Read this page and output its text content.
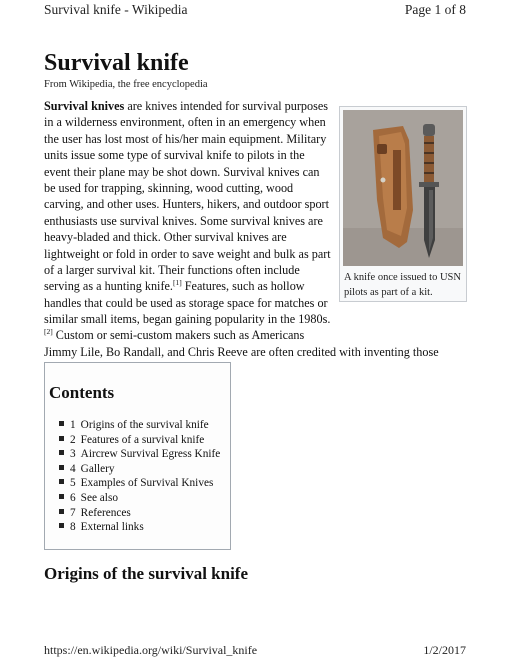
Survival knife - Wikipedia	Page 1 of 8
Survival knife
From Wikipedia, the free encyclopedia
A knife once issued to USN pilots as part of a kit.
Survival knives are knives intended for survival purposes
in a wilderness environment, often in an emergency when
the user has lost most of his/her main equipment. Military
units issue some type of survival knife to pilots in the
event their plane may be shot down. Survival knives can
be used for trapping, skinning, wood cutting, wood
carving, and other uses. Hunters, hikers, and outdoor sport
enthusiasts use survival knives. Some survival knives are
heavy-bladed and thick. Other survival knives are
lightweight or fold in order to save weight and bulk as part
of a larger survival kit. Their functions often include
serving as a hunting knife.[1] Features, such as hollow
handles that could be used as storage space for matches or
similar small items, began gaining popularity in the 1980s.
[2] Custom or semi-custom makers such as Americans
Jimmy Lile, Bo Randall, and Chris Reeve are often credited with inventing those
Contents
1 Origins of the survival knife
2 Features of a survival knife
3 Aircrew Survival Egress Knife
4 Gallery
5 Examples of Survival Knives
6 See also
7 References
8 External links
Origins of the survival knife
https://en.wikipedia.org/wiki/Survival_knife	1/2/2017
